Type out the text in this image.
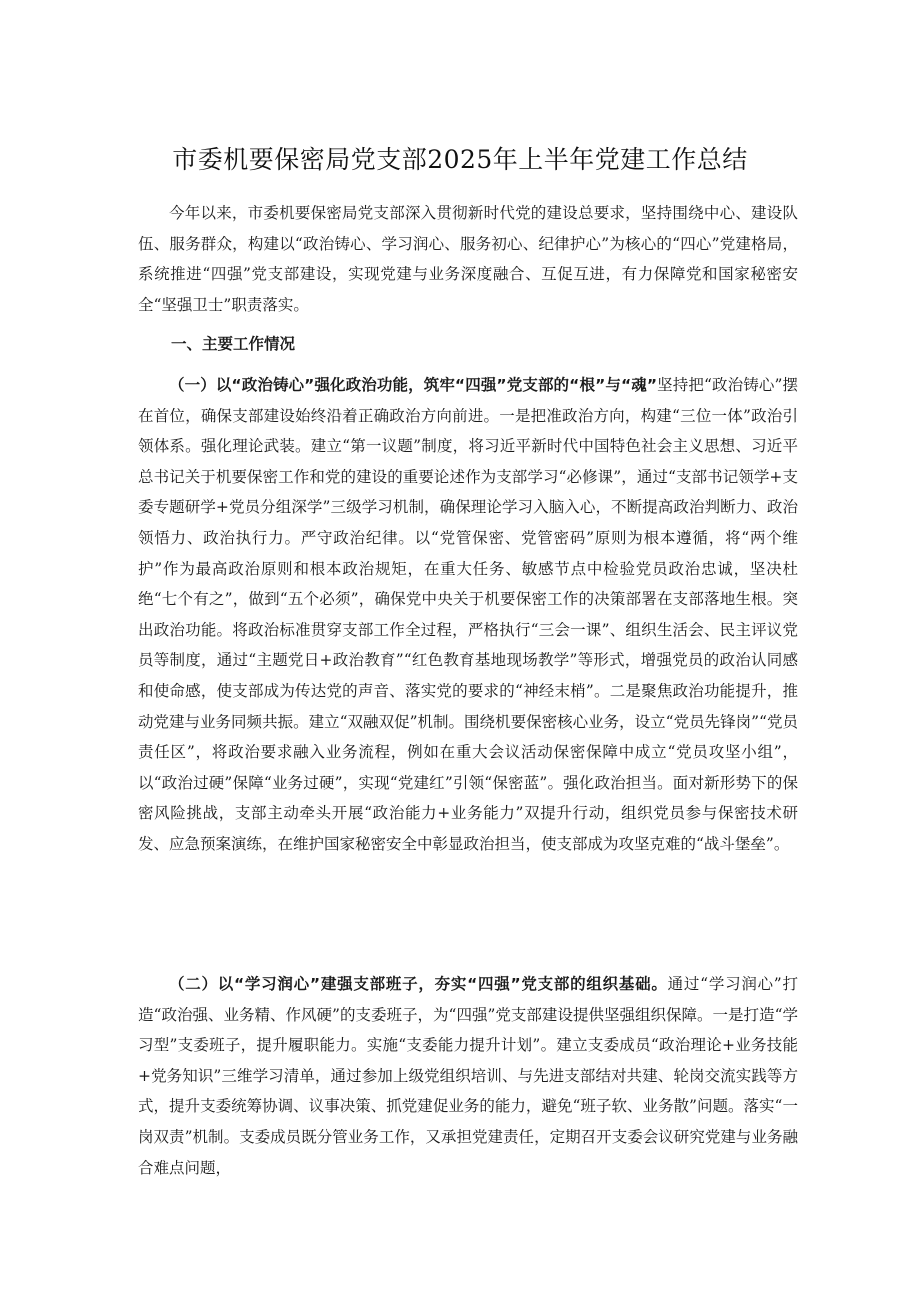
市委机要保密局党支部2025年上半年党建工作总结

今年以来，市委机要保密局党支部深入贯彻新时代党的建设总要求，坚持围绕中心、建设队伍、服务群众，构建以“政治铸心、学习润心、服务初心、纪律护心”为核心的“四心”党建格局，系统推进“四强”党支部建设，实现党建与业务深度融合、互促互进，有力保障党和国家秘密安全“坚强卫士”职责落实。

一、主要工作情况

（一）以“政治铸心”强化政治功能，筑牢“四强”党支部的“根”与“魂”坚持把“政治铸心”摆在首位，确保支部建设始终沿着正确政治方向前进。一是把准政治方向，构建“三位一体”政治引领体系。强化理论武装。建立“第一议题”制度，将习近平新时代中国特色社会主义思想、习近平总书记关于机要保密工作和党的建设的重要论述作为支部学习“必修课”，通过“支部书记领学+支委专题研学+党员分组深学”三级学习机制，确保理论学习入脑入心，不断提高政治判断力、政治领悟力、政治执行力。严守政治纪律。以“党管保密、党管密码”原则为根本遵循，将“两个维护”作为最高政治原则和根本政治规矩，在重大任务、敏感节点中检验党员政治忠诚，坚决杜绝“七个有之”，做到“五个必须”，确保党中央关于机要保密工作的决策部署在支部落地生根。突出政治功能。将政治标准贯穿支部工作全过程，严格执行“三会一课”、组织生活会、民主评议党员等制度，通过“主题党日+政治教育”“红色教育基地现场教学”等形式，增强党员的政治认同感和使命感，使支部成为传达党的声音、落实党的要求的“神经末梢”。二是聚焦政治功能提升，推动党建与业务同频共振。建立“双融双促”机制。围绕机要保密核心业务，设立“党员先锋岗”“党员责任区”，将政治要求融入业务流程，例如在重大会议活动保密保障中成立“党员攻坚小组”，以“政治过硬”保障“业务过硬”，实现“党建红”引领“保密蓝”。强化政治担当。面对新形势下的保密风险挑战，支部主动牵头开展“政治能力+业务能力”双提升行动，组织党员参与保密技术研发、应急预案演练，在维护国家秘密安全中彰显政治担当，使支部成为攻坚克难的“战斗堡垒”。

（二）以“学习润心”建强支部班子，夯实“四强”党支部的组织基础。通过“学习润心”打造“政治强、业务精、作风硬”的支委班子，为“四强”党支部建设提供坚强组织保障。一是打造“学习型”支委班子，提升履职能力。实施“支委能力提升计划”。建立支委成员“政治理论+业务技能+党务知识”三维学习清单，通过参加上级党组织培训、与先进支部结对共建、轮岗交流实践等方式，提升支委统筹协调、议事决策、抓党建促业务的能力，避免“班子软、业务散”问题。落实“一岗双责”机制。支委成员既分管业务工作，又承担党建责任，定期召开支委会议研究党建与业务融合难点问题，
